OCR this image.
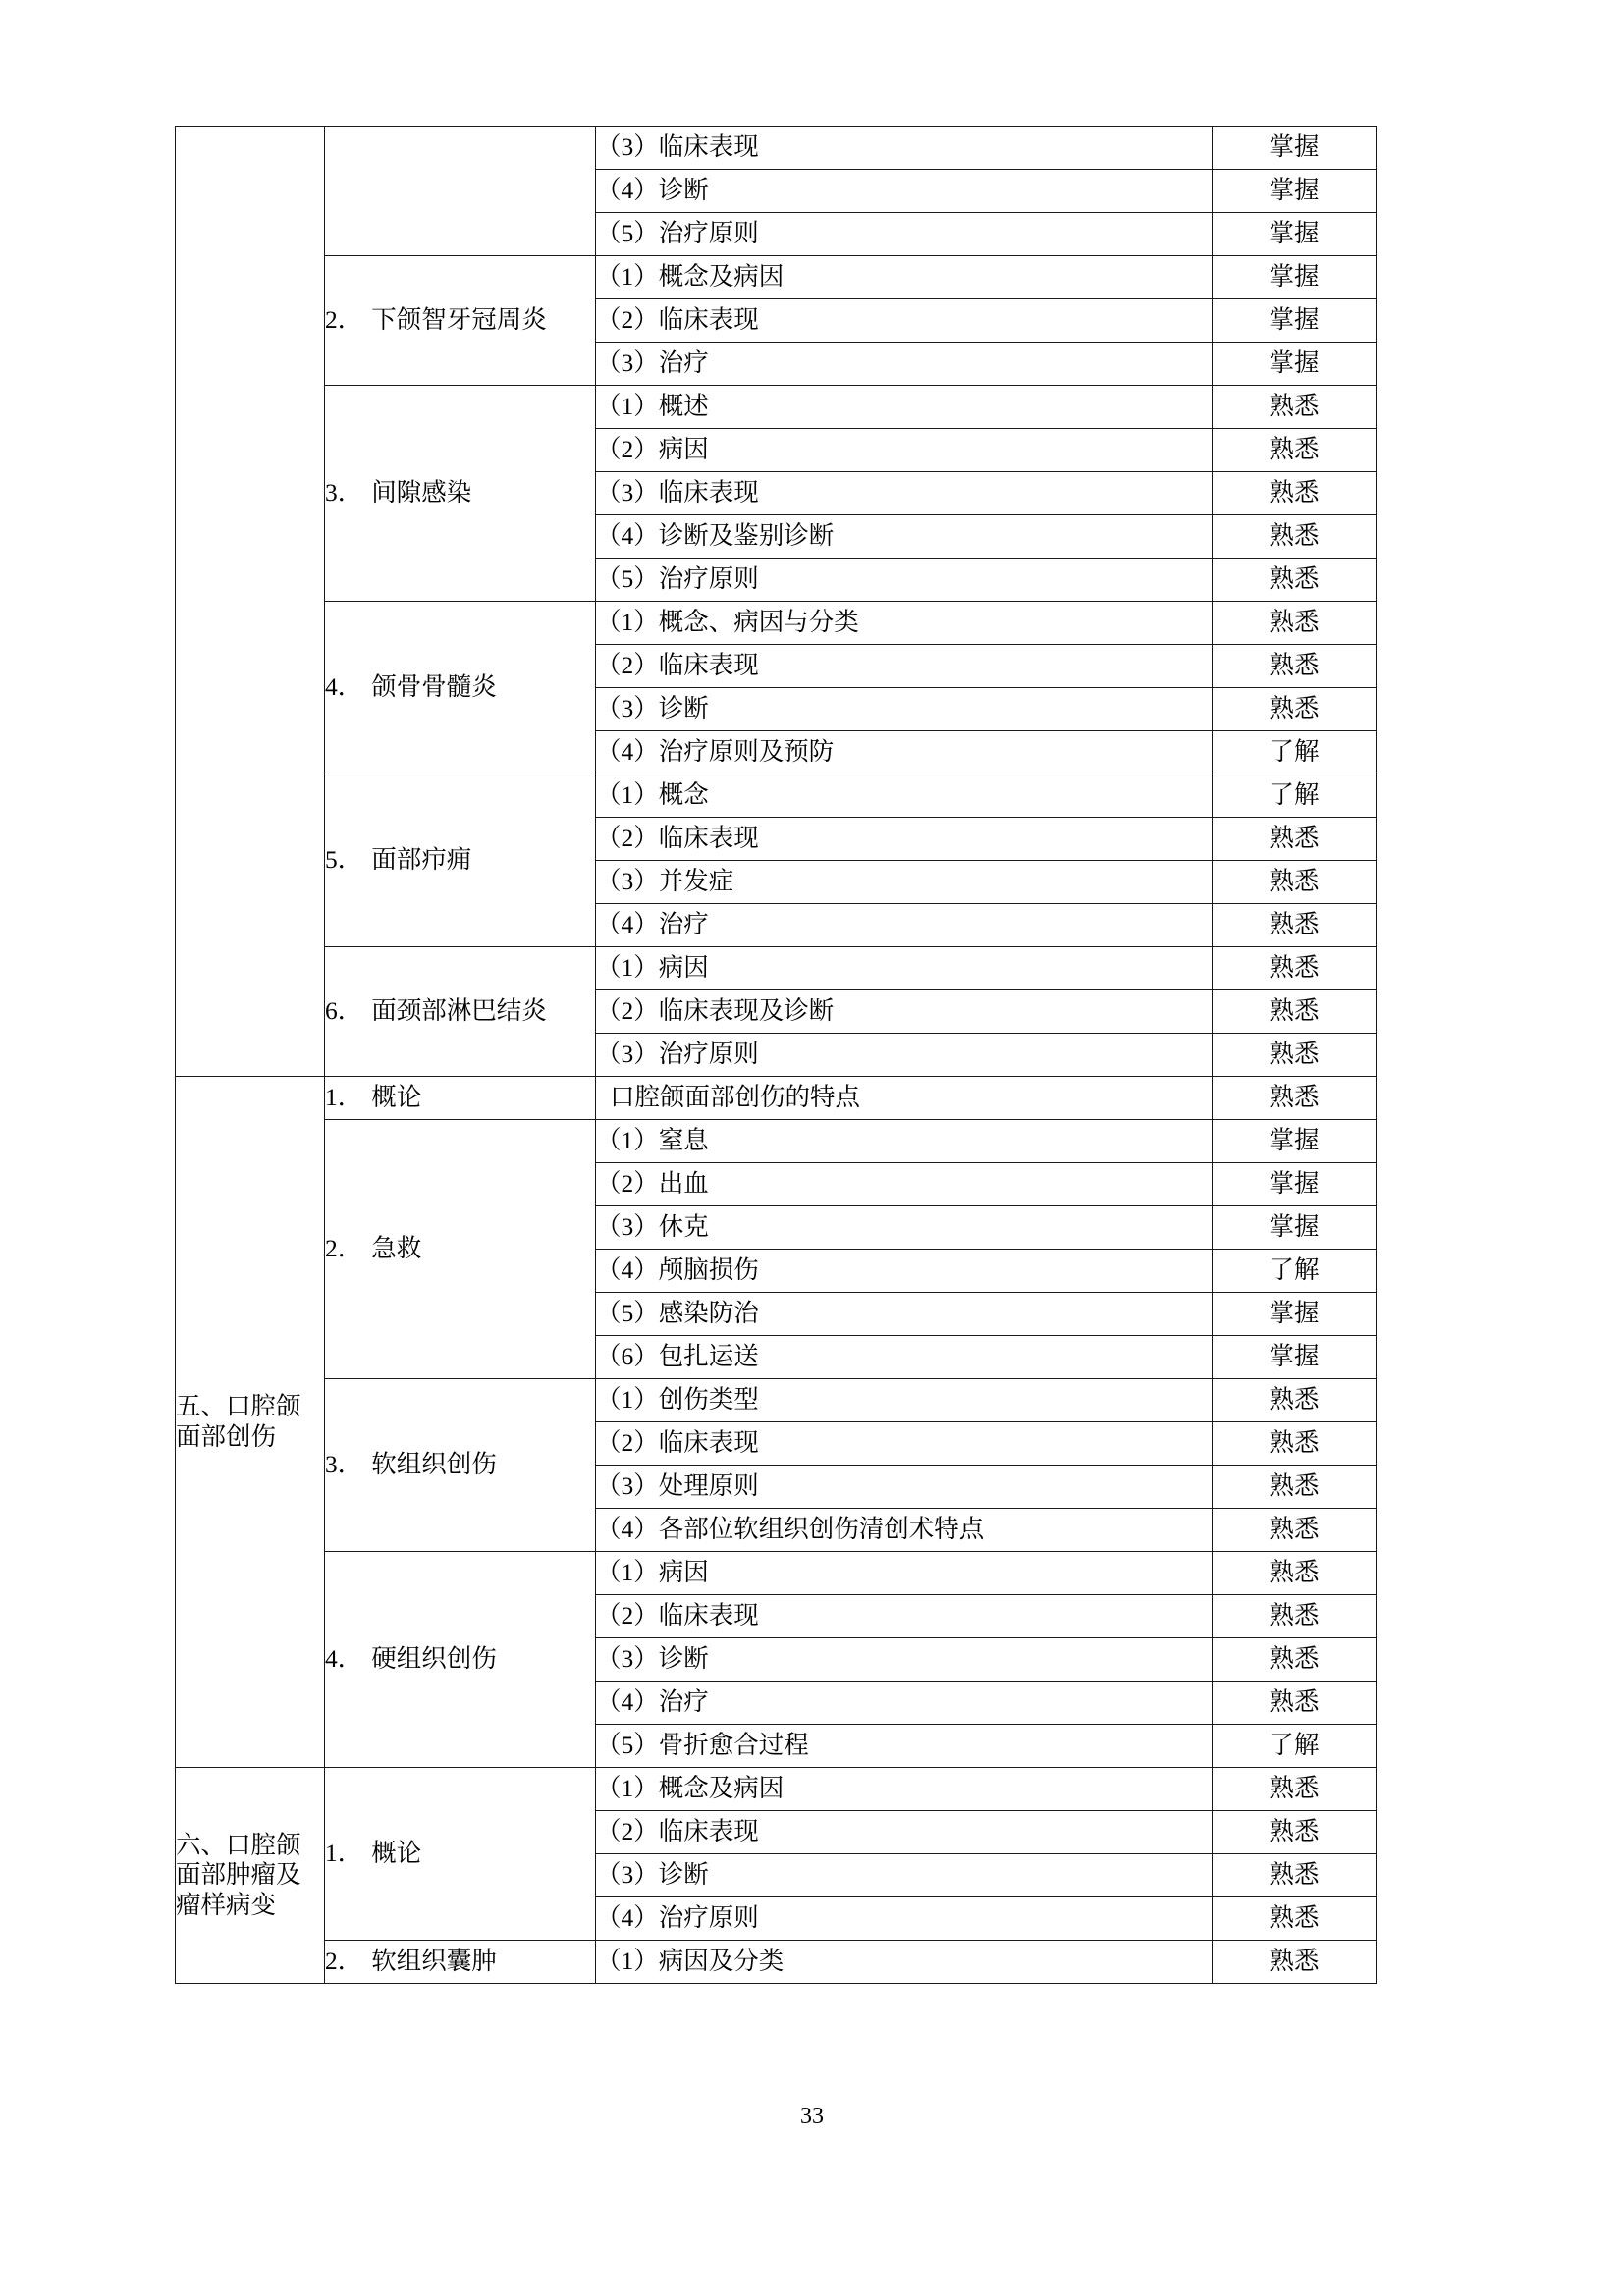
		（3）临床表现	掌握
		（4）诊断	掌握
		（5）治疗原则	掌握
	2． 下颌智牙冠周炎	（1）概念及病因	掌握
		（2）临床表现	掌握
		（3）治疗	掌握
	3． 间隙感染	（1）概述	熟悉
		（2）病因	熟悉
		（3）临床表现	熟悉
		（4）诊断及鉴别诊断	熟悉
		（5）治疗原则	熟悉
	4． 颌骨骨髓炎	（1）概念、病因与分类	熟悉
		（2）临床表现	熟悉
		（3）诊断	熟悉
		（4）治疗原则及预防	了解
	5． 面部疖痈	（1）概念	了解
		（2）临床表现	熟悉
		（3）并发症	熟悉
		（4）治疗	熟悉
	6． 面颈部淋巴结炎	（1）病因	熟悉
		（2）临床表现及诊断	熟悉
		（3）治疗原则	熟悉
五、口腔颌面部创伤	1． 概论	口腔颌面部创伤的特点	熟悉
	2． 急救	（1）窒息	掌握
		（2）出血	掌握
		（3）休克	掌握
		（4）颅脑损伤	了解
		（5）感染防治	掌握
		（6）包扎运送	掌握
	3． 软组织创伤	（1）创伤类型	熟悉
		（2）临床表现	熟悉
		（3）处理原则	熟悉
		（4）各部位软组织创伤清创术特点	熟悉
	4． 硬组织创伤	（1）病因	熟悉
		（2）临床表现	熟悉
		（3）诊断	熟悉
		（4）治疗	熟悉
		（5）骨折愈合过程	了解
六、口腔颌面部肿瘤及瘤样病变	1． 概论	（1）概念及病因	熟悉
		（2）临床表现	熟悉
		（3）诊断	熟悉
		（4）治疗原则	熟悉
	2． 软组织囊肿	（1）病因及分类	熟悉
33
